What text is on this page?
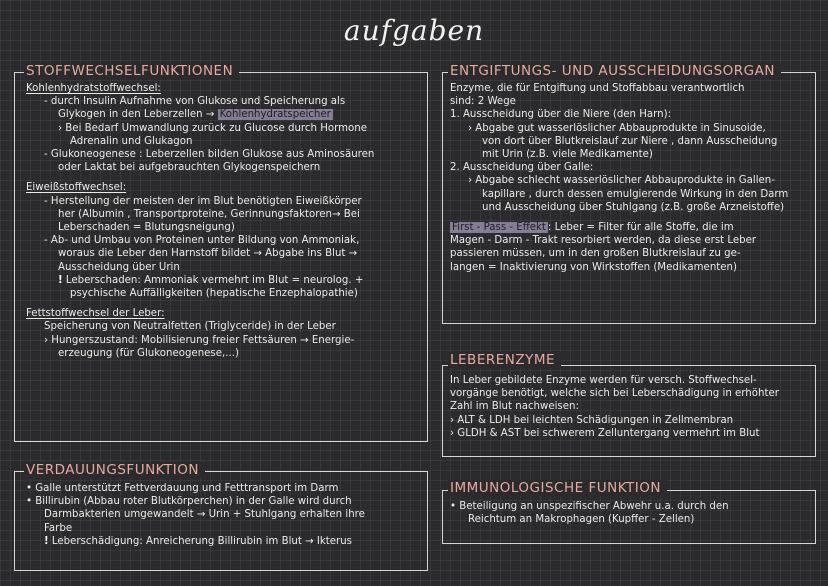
aufgaben
STOFFWECHSELFUNKTIONEN

Kohlenhydratstoffwechsel:

- durch Insulin Aufnahme von Glukose und Speicherung als

Glykogen in den Leberzellen → Kohlenhydratspeicher

› Bei Bedarf Umwandlung zurück zu Glucose durch Hormone

Adrenalin und Glukagon

- Glukoneogenese : Leberzellen bilden Glukose aus Aminosäuren

oder Laktat bei aufgebrauchten Glykogenspeichern

Eiweißstoffwechsel:

- Herstellung der meisten der im Blut benötigten Eiweißkörper

her (Albumin , Transportproteine, Gerinnungsfaktoren→ Bei

Leberschaden = Blutungsneigung)

- Ab- und Umbau von Proteinen unter Bildung von Ammoniak,

woraus die Leber den Harnstoff bildet → Abgabe ins Blut →

Ausscheidung über Urin

! Leberschaden: Ammoniak vermehrt im Blut = neurolog. +

psychische Auffälligkeiten (hepatische Enzephalopathie)

Fettstoffwechsel der Leber:

Speicherung von Neutralfetten (Triglyceride) in der Leber

› Hungerszustand: Mobilisierung freier Fettsäuren → Energie-

erzeugung (für Glukoneogenese,...)

VERDAUUNGSFUNKTION

• Galle unterstützt Fettverdauung und Fetttransport im Darm

• Billirubin (Abbau roter Blutkörperchen) in der Galle wird durch

Darmbakterien umgewandelt → Urin + Stuhlgang erhalten ihre

Farbe

! Leberschädigung: Anreicherung Billirubin im Blut → Ikterus

ENTGIFTUNGS- UND AUSSCHEIDUNGSORGAN

Enzyme, die für Entgiftung und Stoffabbau verantwortlich

sind: 2 Wege

1. Ausscheidung über die Niere (den Harn):

› Abgabe gut wasserlöslicher Abbauprodukte in Sinusoide,

von dort über Blutkreislauf zur Niere , dann Ausscheidung

mit Urin (z.B. viele Medikamente)

2. Ausscheidung über Galle:

› Abgabe schlecht wasserlöslicher Abbauprodukte in Gallen-

kapillare , durch dessen emulgierende Wirkung in den Darm

und Ausscheidung über Stuhlgang (z.B. große Arzneistoffe)

First - Pass - Effekt : Leber = Filter für alle Stoffe, die im

Magen - Darm - Trakt resorbiert werden, da diese erst Leber

passieren müssen, um in den großen Blutkreislauf zu ge-

langen = Inaktivierung von Wirkstoffen (Medikamenten)

LEBERENZYME

In Leber gebildete Enzyme werden für versch. Stoffwechsel-

vorgänge benötigt, welche sich bei Leberschädigung in erhöhter

Zahl im Blut nachweisen:

› ALT & LDH bei leichten Schädigungen in Zellmembran

› GLDH & AST bei schwerem Zelluntergang vermehrt im Blut

IMMUNOLOGISCHE FUNKTION

• Beteiligung an unspezifischer Abwehr u.a. durch den

Reichtum an Makrophagen (Kupffer - Zellen)
